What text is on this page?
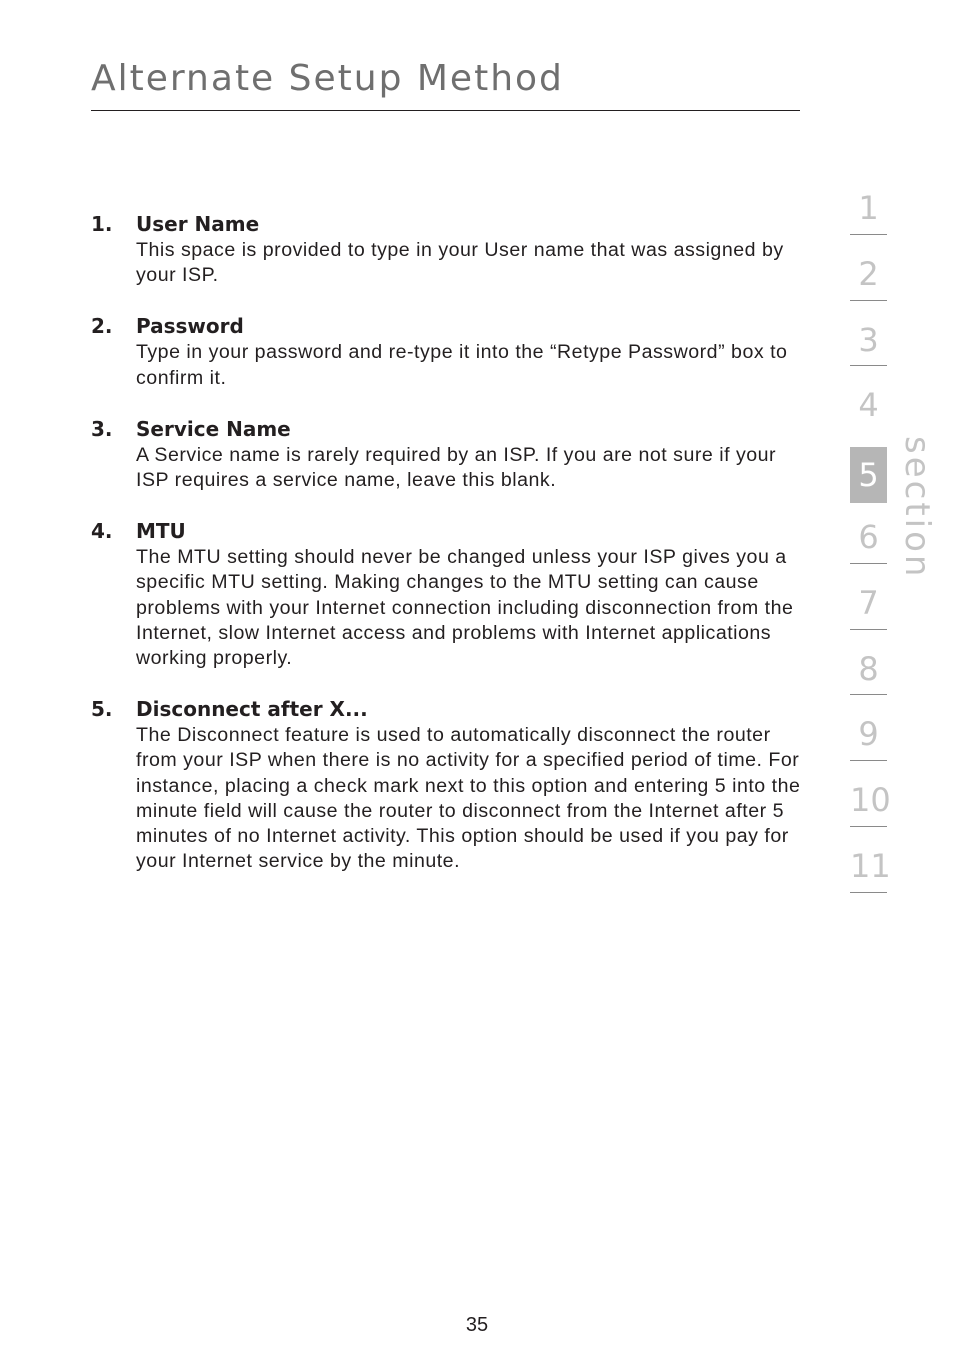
Alternate Setup Method
1. User Name
This space is provided to type in your User name that was assigned by your ISP.
2. Password
Type in your password and re-type it into the “Retype Password” box to confirm it.
3. Service Name
A Service name is rarely required by an ISP. If you are not sure if your ISP requires a service name, leave this blank.
4. MTU
The MTU setting should never be changed unless your ISP gives you a specific MTU setting. Making changes to the MTU setting can cause problems with your Internet connection including disconnection from the Internet, slow Internet access and problems with Internet applications working properly.
5. Disconnect after X...
The Disconnect feature is used to automatically disconnect the router from your ISP when there is no activity for a specified period of time. For instance, placing a check mark next to this option and entering 5 into the minute field will cause the router to disconnect from the Internet after 5 minutes of no Internet activity. This option should be used if you pay for your Internet service by the minute.
1
2
3
4
5
6
7
8
9
10
11
section
35
